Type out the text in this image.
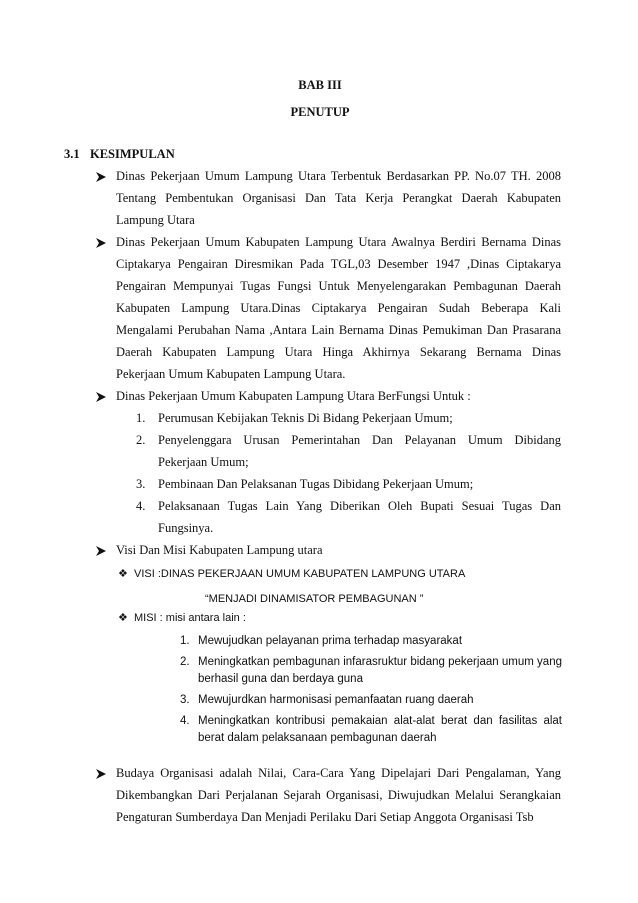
BAB III
PENUTUP
3.1 KESIMPULAN
Dinas Pekerjaan Umum Lampung Utara Terbentuk Berdasarkan PP. No.07 TH. 2008
Tentang Pembentukan Organisasi Dan Tata Kerja Perangkat Daerah Kabupaten
Lampung Utara
Dinas Pekerjaan Umum Kabupaten Lampung Utara Awalnya Berdiri Bernama Dinas
Ciptakarya Pengairan Diresmikan Pada TGL,03 Desember 1947 ,Dinas Ciptakarya
Pengairan Mempunyai Tugas Fungsi Untuk Menyelengarakan Pembagunan Daerah
Kabupaten Lampung Utara.Dinas Ciptakarya Pengairan Sudah Beberapa Kali
Mengalami Perubahan Nama ,Antara Lain Bernama Dinas Pemukiman Dan Prasarana
Daerah Kabupaten Lampung Utara Hinga Akhirnya Sekarang Bernama Dinas
Pekerjaan Umum Kabupaten Lampung Utara.
Dinas Pekerjaan Umum Kabupaten Lampung Utara BerFungsi Untuk :
1. Perumusan Kebijakan Teknis Di Bidang Pekerjaan Umum;
2. Penyelenggara Urusan Pemerintahan Dan Pelayanan Umum Dibidang
Pekerjaan Umum;
3. Pembinaan Dan Pelaksanan Tugas Dibidang Pekerjaan Umum;
4. Pelaksanaan Tugas Lain Yang Diberikan Oleh Bupati Sesuai Tugas Dan
Fungsinya.
Visi Dan Misi Kabupaten Lampung utara
❖ VISI :DINAS PEKERJAAN UMUM KABUPATEN LAMPUNG UTARA
“MENJADI DINAMISATOR PEMBAGUNAN ”
❖ MISI : misi antara lain :
1. Mewujudkan pelayanan prima terhadap masyarakat
2. Meningkatkan pembagunan infarasruktur bidang pekerjaan umum yang berhasil guna dan berdaya guna
3. Mewujurdkan harmonisasi pemanfaatan ruang daerah
4. Meningkatkan kontribusi pemakaian alat-alat berat dan fasilitas alat berat dalam pelaksanaan pembagunan daerah
Budaya Organisasi adalah Nilai, Cara-Cara Yang Dipelajari Dari Pengalaman, Yang
Dikembangkan Dari Perjalanan Sejarah Organisasi, Diwujudkan Melalui Serangkaian
Pengaturan Sumberdaya Dan Menjadi Perilaku Dari Setiap Anggota Organisasi Tsb
